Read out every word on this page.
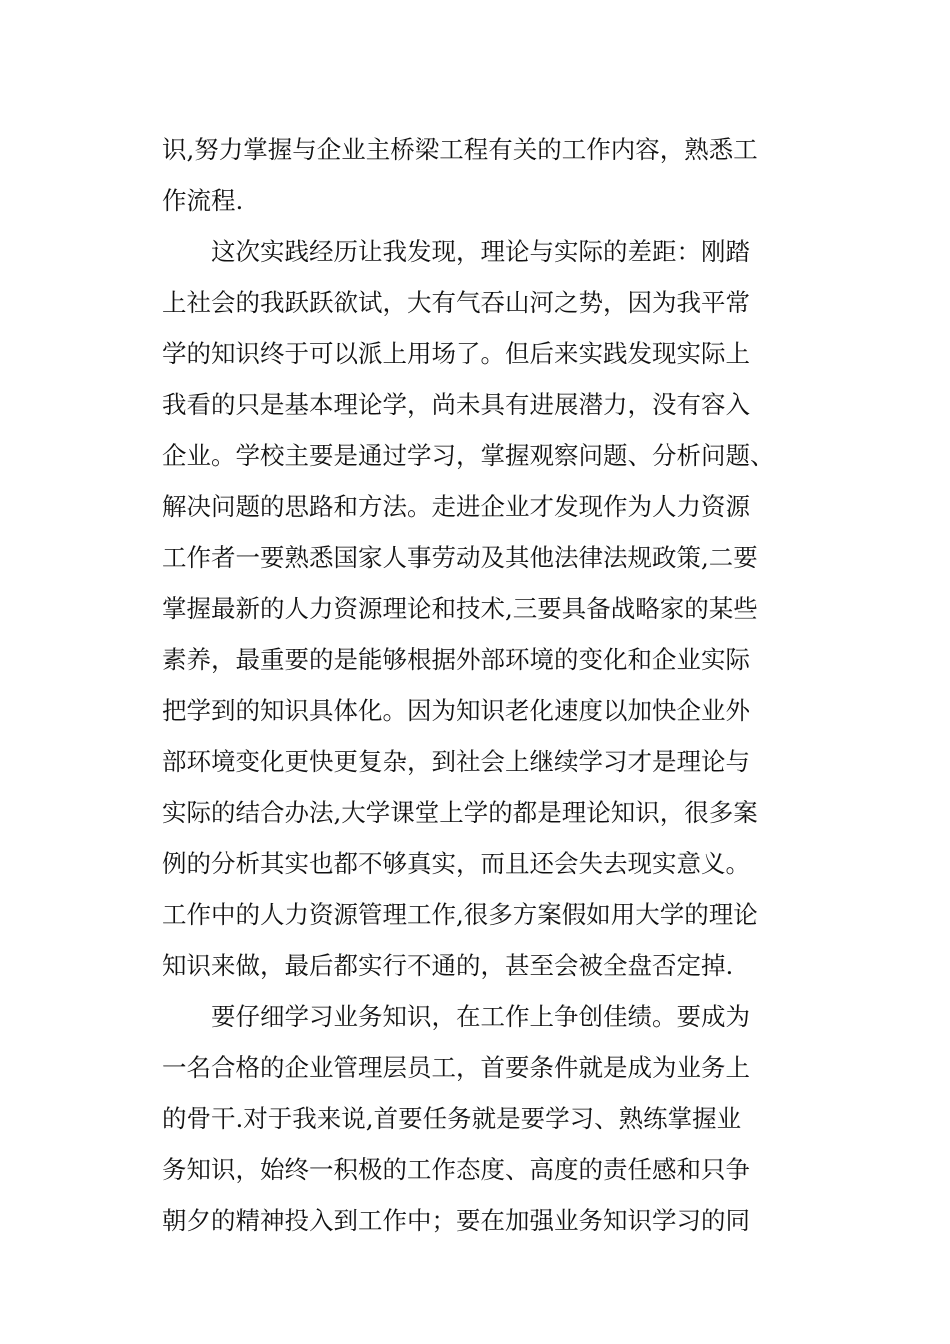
识,努力掌握与企业主桥梁工程有关的工作内容，熟悉工
作流程.
这次实践经历让我发现，理论与实际的差距：刚踏
上社会的我跃跃欲试，大有气吞山河之势，因为我平常
学的知识终于可以派上用场了。但后来实践发现实际上
我看的只是基本理论学，尚未具有进展潜力，没有容入
企业。学校主要是通过学习，掌握观察问题、分析问题、
解决问题的思路和方法。走进企业才发现作为人力资源
工作者一要熟悉国家人事劳动及其他法律法规政策,二要
掌握最新的人力资源理论和技术,三要具备战略家的某些
素养，最重要的是能够根据外部环境的变化和企业实际
把学到的知识具体化。因为知识老化速度以加快企业外
部环境变化更快更复杂，到社会上继续学习才是理论与
实际的结合办法,大学课堂上学的都是理论知识，很多案
例的分析其实也都不够真实，而且还会失去现实意义。
工作中的人力资源管理工作,很多方案假如用大学的理论
知识来做，最后都实行不通的，甚至会被全盘否定掉.
要仔细学习业务知识，在工作上争创佳绩。要成为
一名合格的企业管理层员工，首要条件就是成为业务上
的骨干.对于我来说,首要任务就是要学习、熟练掌握业
务知识，始终一积极的工作态度、高度的责任感和只争
朝夕的精神投入到工作中；要在加强业务知识学习的同
